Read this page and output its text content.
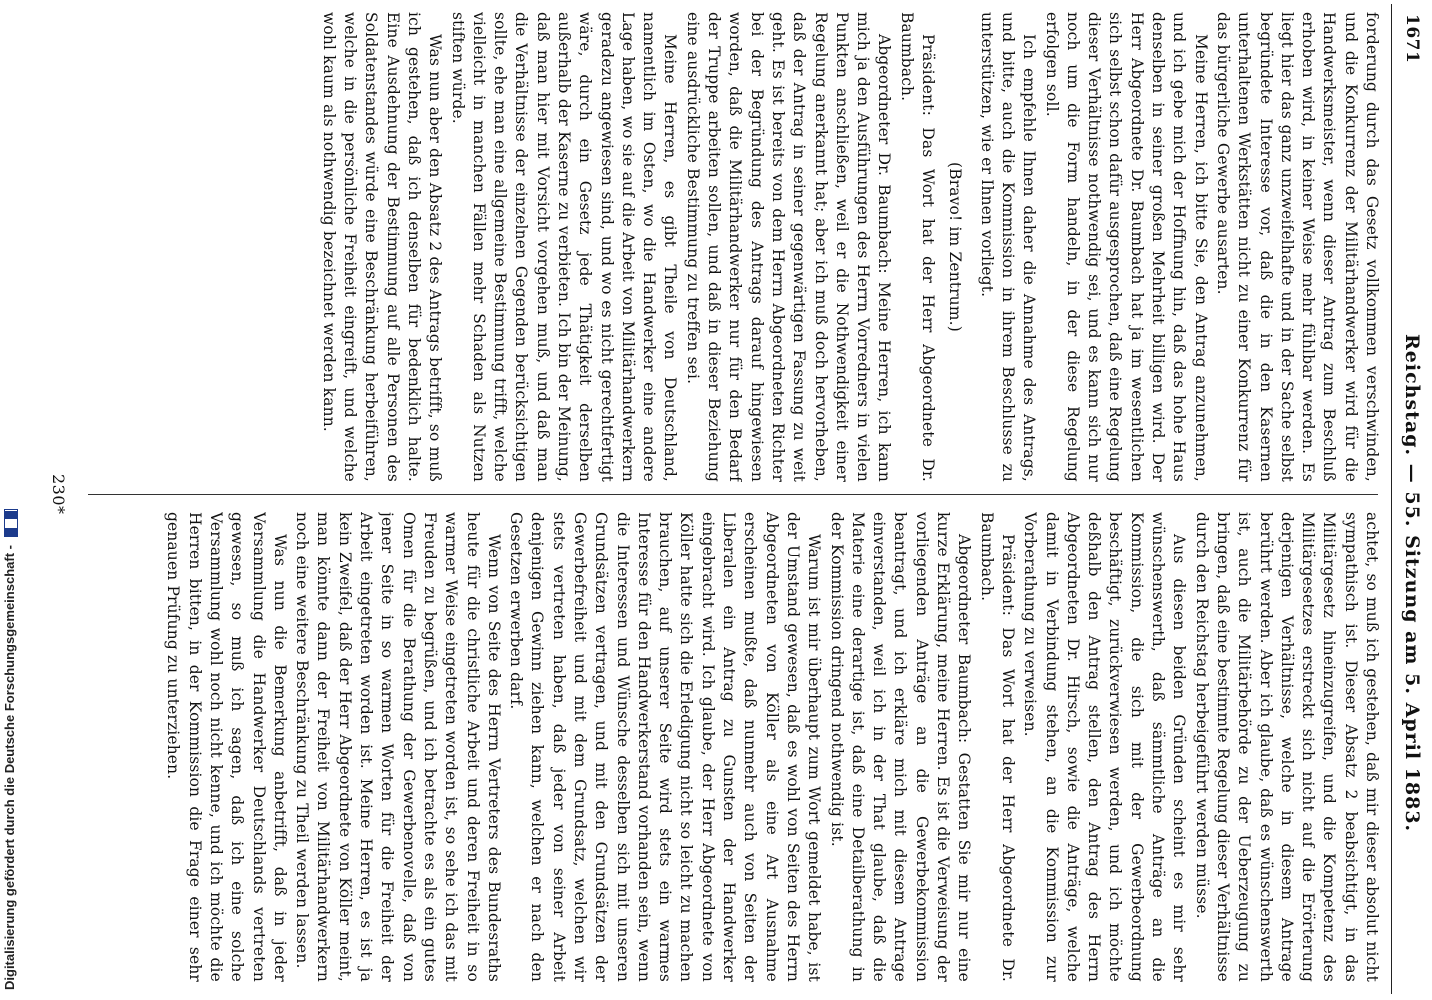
1671
Reichstag. — 55. Sitzung am 5. April 1883.

forderung durch das Gesetz vollkommen verschwinden, und die Konkurrenz der Militärhandwerker wird für die Handwerksmeister, wenn dieser Antrag zum Beschluß erhoben wird, in keiner Weise mehr fühlbar werden. Es liegt hier das ganz unzweifelhafte und in der Sache selbst begründete Interesse vor, daß die in den Kasernen unterhaltenen Werkstätten nicht zu einer Konkurrenz für das bürgerliche Gewerbe ausarten.

Meine Herren, ich bitte Sie, den Antrag anzunehmen, und ich gebe mich der Hoffnung hin, daß das hohe Haus denselben in seiner großen Mehrheit billigen wird. Der Herr Abgeordnete Dr. Baumbach hat ja im wesentlichen sich selbst schon dafür ausgesprochen, daß eine Regelung dieser Verhältnisse nothwendig sei, und es kann sich nur noch um die Form handeln, in der diese Regelung erfolgen soll.

Ich empfehle Ihnen daher die Annahme des Antrags, und bitte, auch die Kommission in ihrem Beschlusse zu unterstützen, wie er Ihnen vorliegt.

(Bravo! im Zentrum.)

Präsident: Das Wort hat der Herr Abgeordnete Dr. Baumbach.

Abgeordneter Dr. Baumbach: Meine Herren, ich kann mich ja den Ausführungen des Herrn Vorredners in vielen Punkten anschließen, weil er die Nothwendigkeit einer Regelung anerkannt hat; aber ich muß doch hervorheben, daß der Antrag in seiner gegenwärtigen Fassung zu weit geht. Es ist bereits von dem Herrn Abgeordneten Richter bei der Begründung des Antrags darauf hingewiesen worden, daß die Militärhandwerker nur für den Bedarf der Truppe arbeiten sollen, und daß in dieser Beziehung eine ausdrückliche Bestimmung zu treffen sei.

Meine Herren, es gibt Theile von Deutschland, namentlich im Osten, wo die Handwerker eine andere Lage haben, wo sie auf die Arbeit von Militärhandwerkern geradezu angewiesen sind, und wo es nicht gerechtfertigt wäre, durch ein Gesetz jede Thätigkeit derselben außerhalb der Kaserne zu verbieten. Ich bin der Meinung, daß man hier mit Vorsicht vorgehen muß, und daß man die Verhältnisse der einzelnen Gegenden berücksichtigen sollte, ehe man eine allgemeine Bestimmung trifft, welche vielleicht in manchen Fällen mehr Schaden als Nutzen stiften würde.

Was nun aber den Absatz 2 des Antrags betrifft, so muß ich gestehen, daß ich denselben für bedenklich halte. Eine Ausdehnung der Bestimmung auf alle Personen des Soldatenstandes würde eine Beschränkung herbeiführen, welche in die persönliche Freiheit eingreift, und welche wohl kaum als nothwendig bezeichnet werden kann.

achtet, so muß ich gestehen, daß mir dieser absolut nicht sympathisch ist. Dieser Absatz 2 beabsichtigt, in das Militärgesetz hineinzugreifen, und die Kompetenz des Militärgesetzes erstreckt sich nicht auf die Erörterung derjenigen Verhältnisse, welche in diesem Antrage berührt werden. Aber ich glaube, daß es wünschenswerth ist, auch die Militärbehörde zu der Ueberzeugung zu bringen, daß eine bestimmte Regelung dieser Verhältnisse durch den Reichstag herbeigeführt werden müsse.

Aus diesen beiden Gründen scheint es mir sehr wünschenswerth, daß sämmtliche Anträge an die Kommission, die sich mit der Gewerbeordnung beschäftigt, zurückverwiesen werden, und ich möchte deßhalb den Antrag stellen, den Antrag des Herrn Abgeordneten Dr. Hirsch, sowie die Anträge, welche damit in Verbindung stehen, an die Kommission zur Vorberathung zu verweisen.

Präsident: Das Wort hat der Herr Abgeordnete Dr. Baumbach.

Abgeordneter Baumbach: Gestatten Sie mir nur eine kurze Erklärung, meine Herren. Es ist die Verweisung der vorliegenden Anträge an die Gewerbekommission beantragt, und ich erkläre mich mit diesem Antrage einverstanden, weil ich in der That glaube, daß die Materie eine derartige ist, daß eine Detailberathung in der Kommission dringend nothwendig ist.

Warum ist mir überhaupt zum Wort gemeldet habe, ist der Umstand gewesen, daß es wohl von Seiten des Herrn Abgeordneten von Köller als eine Art Ausnahme erscheinen mußte, daß nunmehr auch von Seiten der Liberalen ein Antrag zu Gunsten der Handwerker eingebracht wird. Ich glaube, der Herr Abgeordnete von Köller hatte sich die Erledigung nicht so leicht zu machen brauchen, auf unserer Seite wird stets ein warmes Interesse für den Handwerkerstand vorhanden sein, wenn die Interessen und Wünsche desselben sich mit unseren Grundsätzen vertragen, und mit den Grundsätzen der Gewerbefreiheit und mit dem Grundsatz, welchen wir stets vertreten haben, daß jeder von seiner Arbeit denjenigen Gewinn ziehen kann, welchen er nach den Gesetzen erwerben darf.

Wenn von Seite des Herrn Vertreters des Bundesraths heute für die christliche Arbeit und deren Freiheit in so warmer Weise eingetreten worden ist, so sehe ich das mit Freuden zu begrüßen, und ich betrachte es als ein gutes Omen für die Berathung der Gewerbenovelle, daß von jener Seite in so warmen Worten für die Freiheit der Arbeit eingetreten worden ist. Meine Herren, es ist ja kein Zweifel, daß der Herr Abgeordnete von Köller meint, man könnte dann der Freiheit von Militärhandwerkern noch eine weitere Beschränkung zu Theil werden lassen.

Was nun die Bemerkung anbetrifft, daß in jeder Versammlung die Handwerker Deutschlands vertreten gewesen, so muß ich sagen, daß ich eine solche Versammlung wohl noch nicht kenne, und ich möchte die Herren bitten, in der Kommission die Frage einer sehr genauen Prüfung zu unterziehen.

230*
Digitalisierung gefördert durch die Deutsche Forschungsgemeinschaft -
